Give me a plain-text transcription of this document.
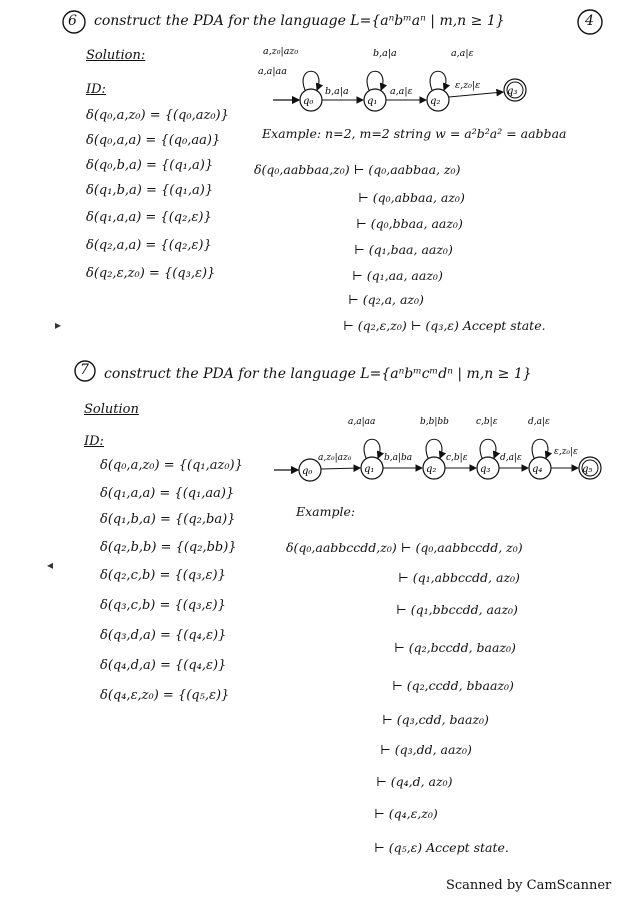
6 construct the PDA for the language L={aⁿbᵐaⁿ | m,n ≥ 1}	4
Solution:
ID:
δ(q₀,a,z₀) = {(q₀,az₀)}
δ(q₀,a,a) = {(q₀,aa)}
δ(q₀,b,a) = {(q₁,a)}
δ(q₁,b,a) = {(q₁,a)}
δ(q₁,a,a) = {(q₂,ε)}
δ(q₂,a,a) = {(q₂,ε)}
δ(q₂,ε,z₀) = {(q₃,ε)}
q₀	q₁	q₂
q₃
a,z₀|az₀
a,a|aa
b,a|a
b,a|a
a,a|ε
a,a|ε
ε,z₀|ε
Example: n=2, m=2 string w = a²b²a² = aabbaa
δ(q₀,aabbaa,z₀) ⊢ (q₀,aabbaa, z₀)
⊢ (q₀,abbaa, az₀)
⊢ (q₀,bbaa, aaz₀)
⊢ (q₁,baa, aaz₀)
⊢ (q₁,aa, aaz₀)
⊢ (q₂,a, az₀)
⊢ (q₂,ε,z₀) ⊢ (q₃,ε) Accept state.
▸
◂
7 construct the PDA for the language L={aⁿbᵐcᵐdⁿ | m,n ≥ 1}
Solution
ID:
δ(q₀,a,z₀) = {(q₁,az₀)}
δ(q₁,a,a) = {(q₁,aa)}
δ(q₁,b,a) = {(q₂,ba)}
δ(q₂,b,b) = {(q₂,bb)}
δ(q₂,c,b) = {(q₃,ε)}
δ(q₃,c,b) = {(q₃,ε)}
δ(q₃,d,a) = {(q₄,ε)}
δ(q₄,d,a) = {(q₄,ε)}
δ(q₄,ε,z₀) = {(q₅,ε)}
q₀	q₁	q₂	q₃	q₄	q₅
a,z₀|az₀
a,a|aa
b,a|ba
b,b|bb
c,b|ε
c,b|ε
d,a|ε
d,a|ε
ε,z₀|ε
Example:
δ(q₀,aabbccdd,z₀) ⊢ (q₀,aabbccdd, z₀)
⊢ (q₁,abbccdd, az₀)
⊢ (q₁,bbccdd, aaz₀)
⊢ (q₂,bccdd, baaz₀)
⊢ (q₂,ccdd, bbaaz₀)
⊢ (q₃,cdd, baaz₀)
⊢ (q₃,dd, aaz₀)
⊢ (q₄,d, az₀)
⊢ (q₄,ε,z₀)
⊢ (q₅,ε) Accept state.
Scanned by CamScanner
